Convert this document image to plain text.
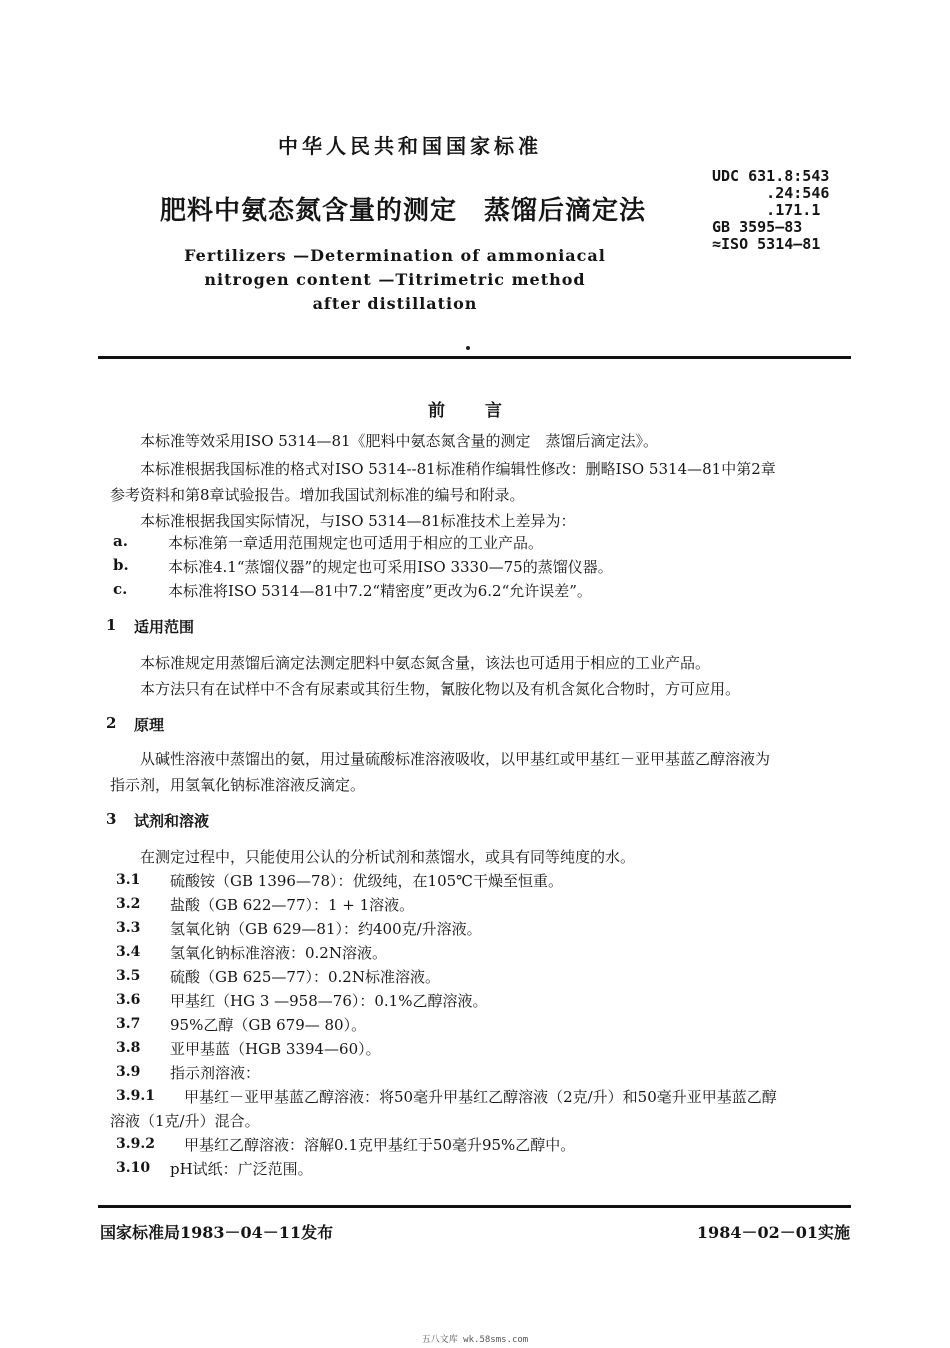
中华人民共和国国家标准
肥料中氨态氮含量的测定　蒸馏后滴定法
Fertilizers —Determination of ammoniacal
nitrogen content —Titrimetric method
after distillation
UDC 631.8:543
.24:546
.171.1
GB 3595—83
≈ISO 5314—81
前言
本标准等效采用ISO 5314—81《肥料中氨态氮含量的测定　蒸馏后滴定法》。
本标准根据我国标准的格式对ISO 5314--81标准稍作编辑性修改：删略ISO 5314—81中第2章
参考资料和第8章试验报告。增加我国试剂标准的编号和附录。
本标准根据我国实际情况，与ISO 5314—81标准技术上差异为：
a.	本标准第一章适用范围规定也可适用于相应的工业产品。
b.	本标准4.1“蒸馏仪器”的规定也可采用ISO 3330—75的蒸馏仪器。
c.	本标准将ISO 5314—81中7.2“精密度”更改为6.2“允许误差”。
1 适用范围
本标准规定用蒸馏后滴定法测定肥料中氨态氮含量，该法也可适用于相应的工业产品。
本方法只有在试样中不含有尿素或其衍生物，氰胺化物以及有机含氮化合物时，方可应用。
2 原理
从碱性溶液中蒸馏出的氨，用过量硫酸标准溶液吸收，以甲基红或甲基红－亚甲基蓝乙醇溶液为
指示剂，用氢氧化钠标准溶液反滴定。
3 试剂和溶液
在测定过程中，只能使用公认的分析试剂和蒸馏水，或具有同等纯度的水。
3.1 硫酸铵（GB 1396—78）：优级纯，在105℃干燥至恒重。
3.2 盐酸（GB 622—77）：1 + 1溶液。
3.3 氢氧化钠（GB 629—81）：约400克/升溶液。
3.4 氢氧化钠标准溶液：0.2N溶液。
3.5 硫酸（GB 625—77）：0.2N标准溶液。
3.6 甲基红（HG 3 —958—76）：0.1%乙醇溶液。
3.7 95%乙醇（GB 679— 80）。
3.8 亚甲基蓝（HGB 3394—60）。
3.9 指示剂溶液：
3.9.1 甲基红－亚甲基蓝乙醇溶液：将50毫升甲基红乙醇溶液（2克/升）和50毫升亚甲基蓝乙醇
溶液（1克/升）混合。
3.9.2 甲基红乙醇溶液：溶解0.1克甲基红于50毫升95%乙醇中。
3.10 pH试纸：广泛范围。
国家标准局1983－04－11发布	1984－02－01实施
五八文库 wk.58sms.com
